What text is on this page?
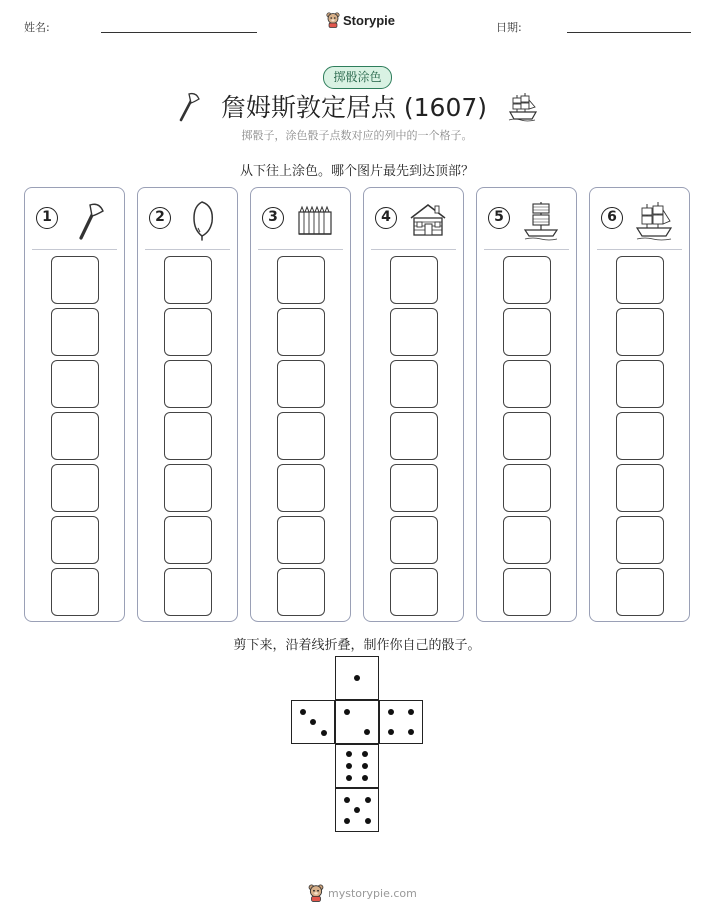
姓名:	Storypie	日期:
掷骰涂色
詹姆斯敦定居点 (1607)
掷骰子，涂色骰子点数对应的列中的一个格子。
从下往上涂色。哪个图片最先到达顶部？
1	2	3	4	5	6
剪下来，沿着线折叠，制作你自己的骰子。
mystorypie.com
